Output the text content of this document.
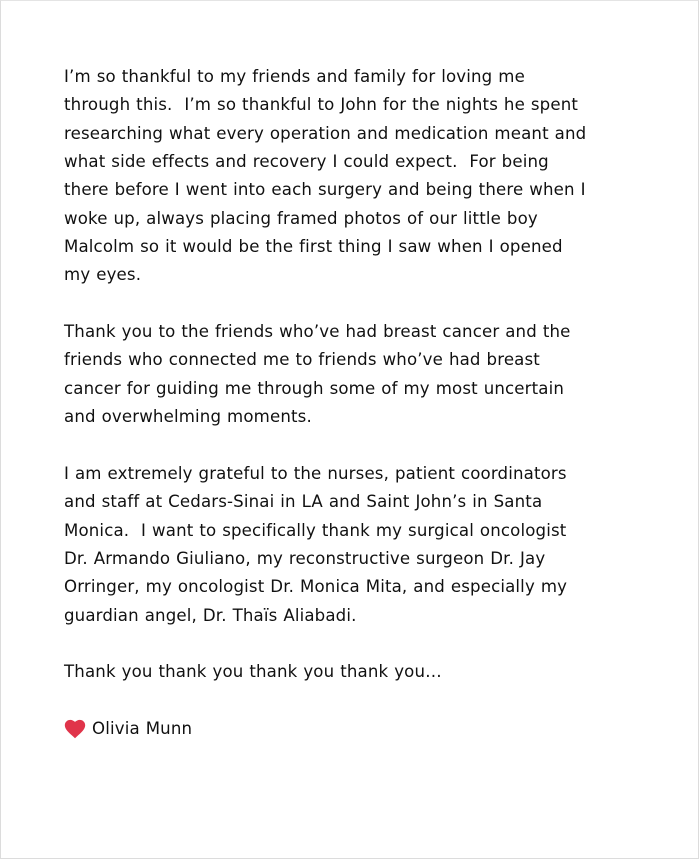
I’m so thankful to my friends and family for loving me
through this.  I’m so thankful to John for the nights he spent
researching what every operation and medication meant and
what side effects and recovery I could expect.  For being
there before I went into each surgery and being there when I
woke up, always placing framed photos of our little boy
Malcolm so it would be the first thing I saw when I opened
my eyes.

Thank you to the friends who’ve had breast cancer and the
friends who connected me to friends who’ve had breast
cancer for guiding me through some of my most uncertain
and overwhelming moments.

I am extremely grateful to the nurses, patient coordinators
and staff at Cedars-Sinai in LA and Saint John’s in Santa
Monica.  I want to specifically thank my surgical oncologist
Dr. Armando Giuliano, my reconstructive surgeon Dr. Jay
Orringer, my oncologist Dr. Monica Mita, and especially my
guardian angel, Dr. Thaïs Aliabadi.

Thank you thank you thank you thank you…

Olivia Munn
